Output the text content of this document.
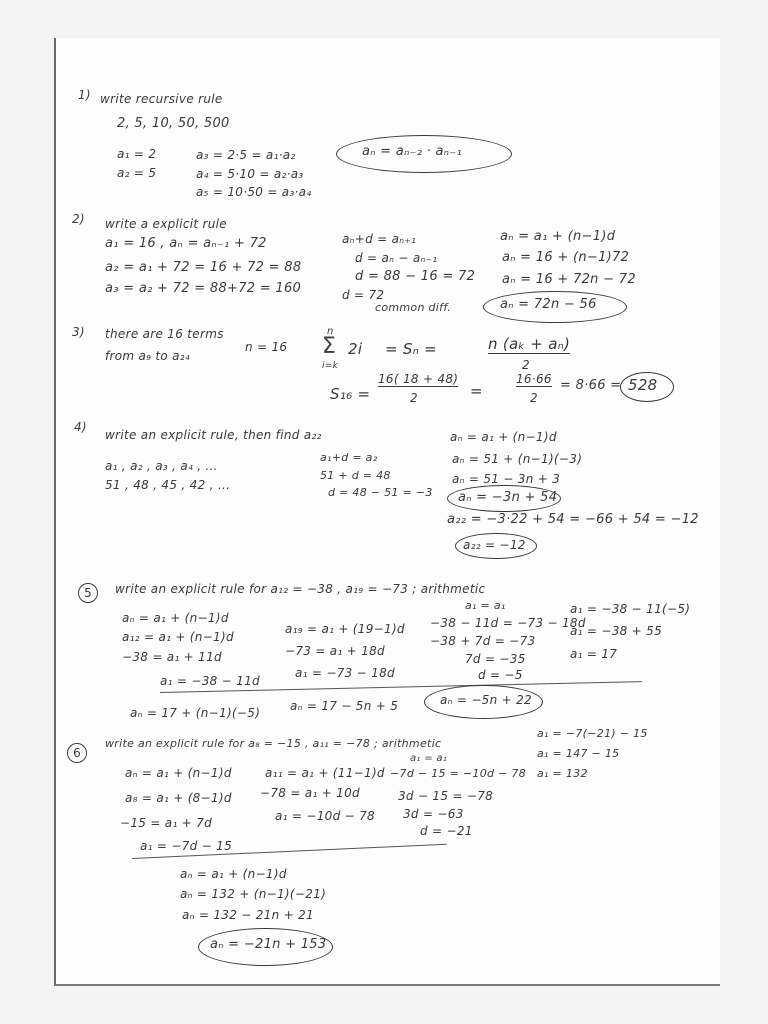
1) write recursive rule
2, 5, 10, 50, 500
a₁ = 2
a₂ = 5
a₃ = 2·5 = a₁·a₂
a₄ = 5·10 = a₂·a₃
a₅ = 10·50 = a₃·a₄
aₙ = aₙ₋₂ · aₙ₋₁
2) write a explicit rule
a₁ = 16 , aₙ = aₙ₋₁ + 72
a₂ = a₁ + 72 = 16 + 72 = 88
a₃ = a₂ + 72 = 88+72 = 160
aₙ+d = aₙ₊₁
d = aₙ − aₙ₋₁
d = 88 − 16 = 72
d = 72
common diff.
aₙ = a₁ + (n−1)d
aₙ = 16 + (n−1)72
aₙ = 16 + 72n − 72
aₙ = 72n − 56
3) there are 16 terms
from a₉ to a₂₄
n = 16
n
Σ
i=k
2i = Sₙ =	n (aₖ + aₙ)
2
S₁₆ =
16( 18 + 48)
2	=
16·66
2
= 8·66 = 528
4)
write an explicit rule, then find a₂₂
a₁ , a₂ , a₃ , a₄ , ...
51 , 48 , 45 , 42 , ...
a₁+d = a₂
51 + d = 48
d = 48 − 51 = −3
aₙ = a₁ + (n−1)d
aₙ = 51 + (n−1)(−3)
aₙ = 51 − 3n + 3
aₙ = −3n + 54
a₂₂ = −3·22 + 54 = −66 + 54 = −12
a₂₂ = −12
5	write an explicit rule for a₁₂ = −38 , a₁₉ = −73 ; arithmetic
aₙ = a₁ + (n−1)d
a₁₂ = a₁ + (n−1)d
−38 = a₁ + 11d
a₁ = −38 − 11d
a₁₉ = a₁ + (19−1)d
−73 = a₁ + 18d
a₁ = −73 − 18d
a₁ = a₁
−38 − 11d = −73 − 18d
−38 + 7d = −73
7d = −35
d = −5
a₁ = −38 − 11(−5)
a₁ = −38 + 55
a₁ = 17
aₙ = 17 + (n−1)(−5) aₙ = 17 − 5n + 5	aₙ = −5n + 22
6
write an explicit rule for a₈ = −15 , a₁₁ = −78 ; arithmetic
aₙ = a₁ + (n−1)d
a₈ = a₁ + (8−1)d
−15 = a₁ + 7d
a₁ = −7d − 15
a₁₁ = a₁ + (11−1)d
−78 = a₁ + 10d
a₁ = −10d − 78
a₁ = a₁
−7d − 15 = −10d − 78
3d − 15 = −78
3d = −63
d = −21
a₁ = −7(−21) − 15
a₁ = 147 − 15
a₁ = 132
aₙ = a₁ + (n−1)d
aₙ = 132 + (n−1)(−21)
aₙ = 132 − 21n + 21
aₙ = −21n + 153
